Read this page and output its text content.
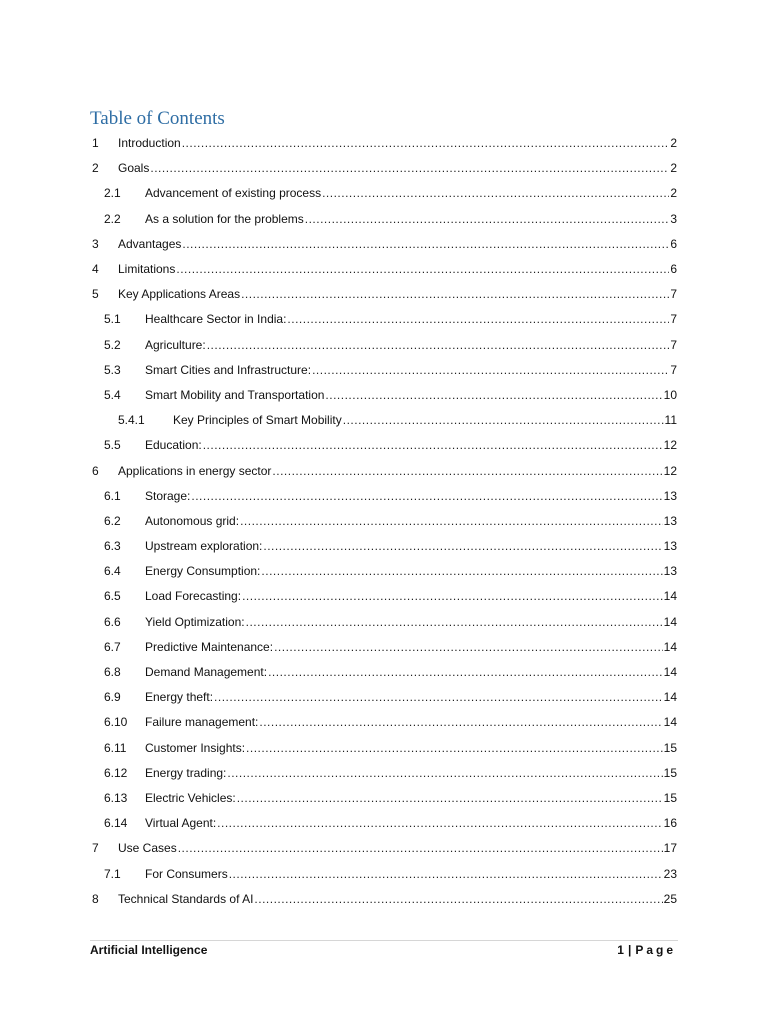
Table of Contents
1 Introduction .....	2
2 Goals .....	2
2.1 Advancement of existing process .....	2
2.2 As a solution for the problems .....	3
3 Advantages .....	6
4 Limitations .....	6
5 Key Applications Areas .....	7
5.1 Healthcare Sector in India: .....	7
5.2 Agriculture: .....	7
5.3 Smart Cities and Infrastructure: .....	7
5.4 Smart Mobility and Transportation .....	10
5.4.1 Key Principles of Smart Mobility .....	11
5.5 Education: .....	12
6 Applications in energy sector .....	12
6.1 Storage: .....	13
6.2 Autonomous grid: .....	13
6.3 Upstream exploration: .....	13
6.4 Energy Consumption: .....	13
6.5 Load Forecasting: .....	14
6.6 Yield Optimization: .....	14
6.7 Predictive Maintenance: .....	14
6.8 Demand Management: .....	14
6.9 Energy theft: .....	14
6.10 Failure management: .....	14
6.11 Customer Insights: .....	15
6.12 Energy trading: .....	15
6.13 Electric Vehicles: .....	15
6.14 Virtual Agent: .....	16
7 Use Cases .....	17
7.1 For Consumers .....	23
8 Technical Standards of AI .....	25
Artificial Intelligence	1 | Page
